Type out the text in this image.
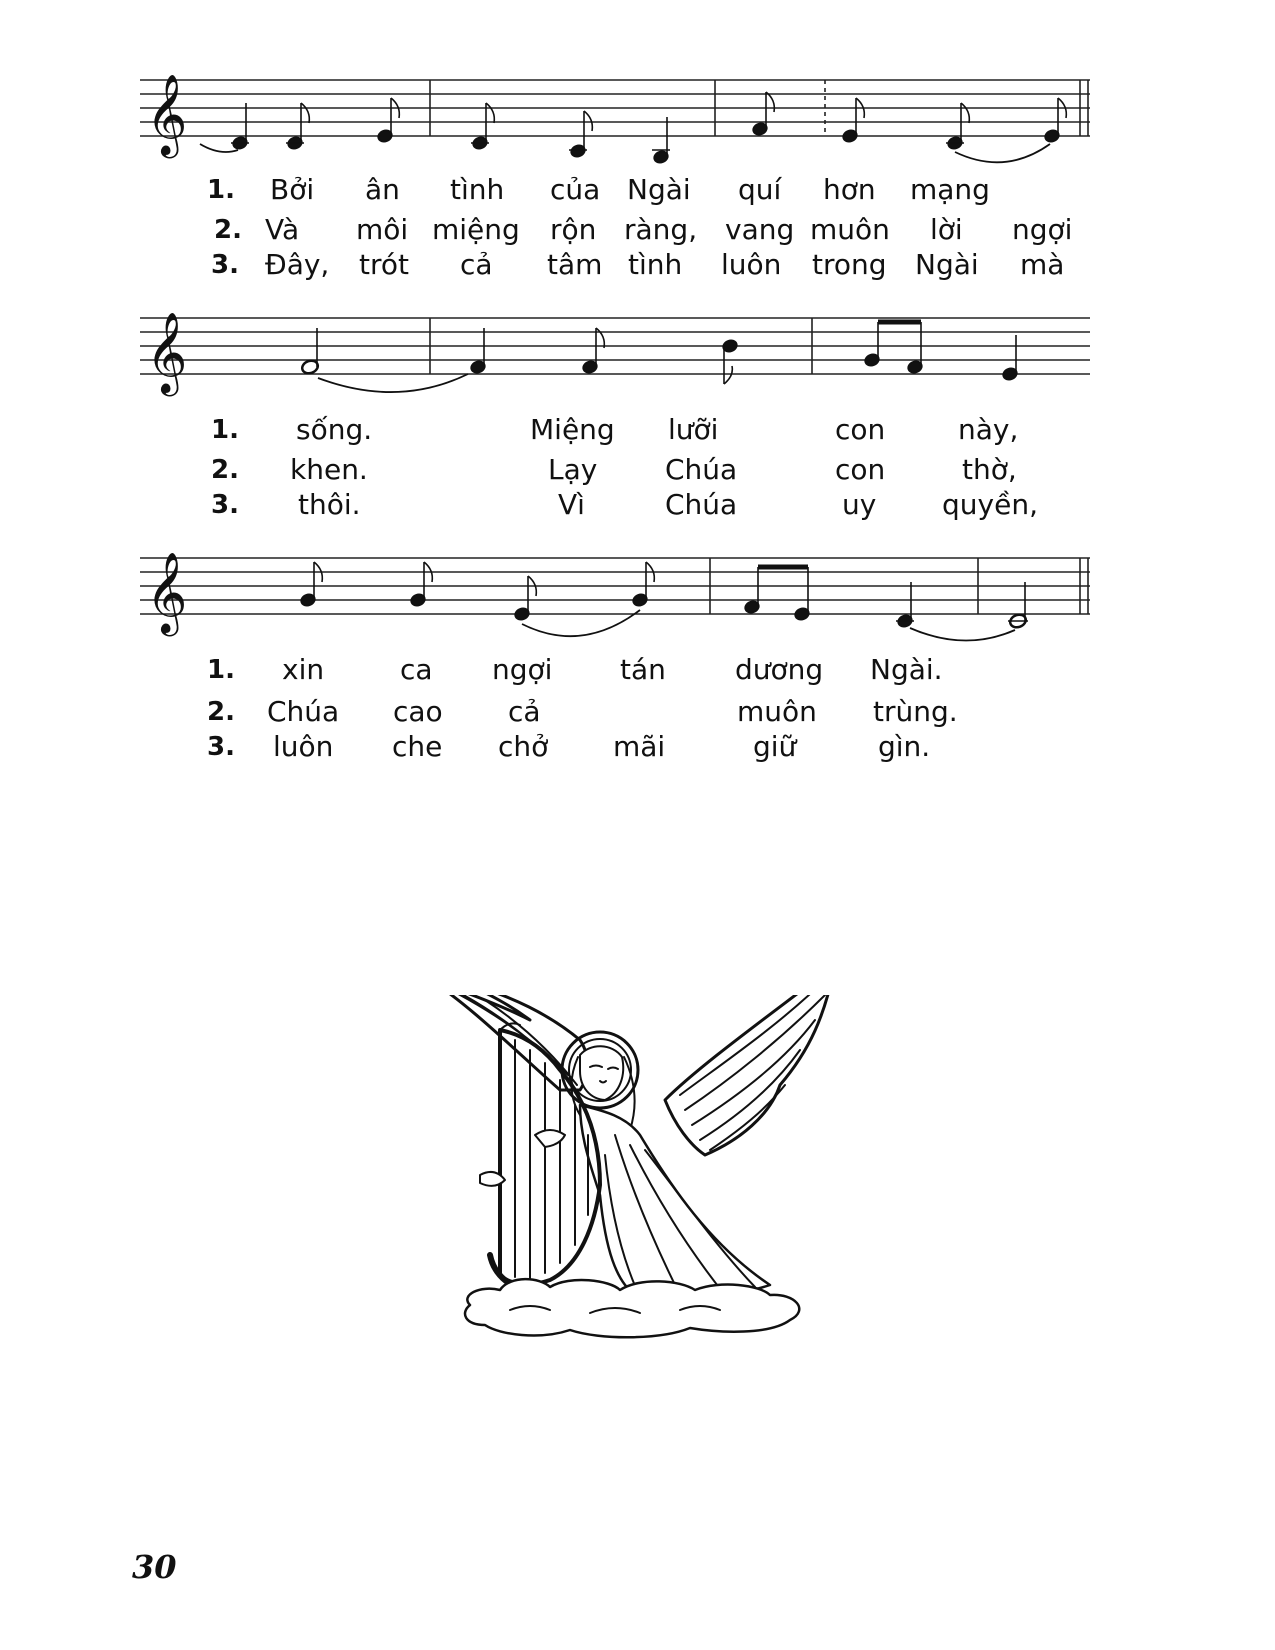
𝄞
1. Bởi ân tình của Ngài quí hơn mạng
2. Và môi miệng rộn ràng, vang muôn lời ngợi
3. Đây, trót cả tâm tình luôn trong Ngài mà
𝄞
1. sống.	Miệng lưỡi	con	này,
2. khen.	Lạy Chúa	con	thờ,
3. thôi.	Vì	Chúa	uy quyền,
𝄞
1. xin	ca ngợi tán dương Ngài.
2. Chúa cao cả	muôn trùng.
3. luôn che chở mãi	giữ	gìn.
30
